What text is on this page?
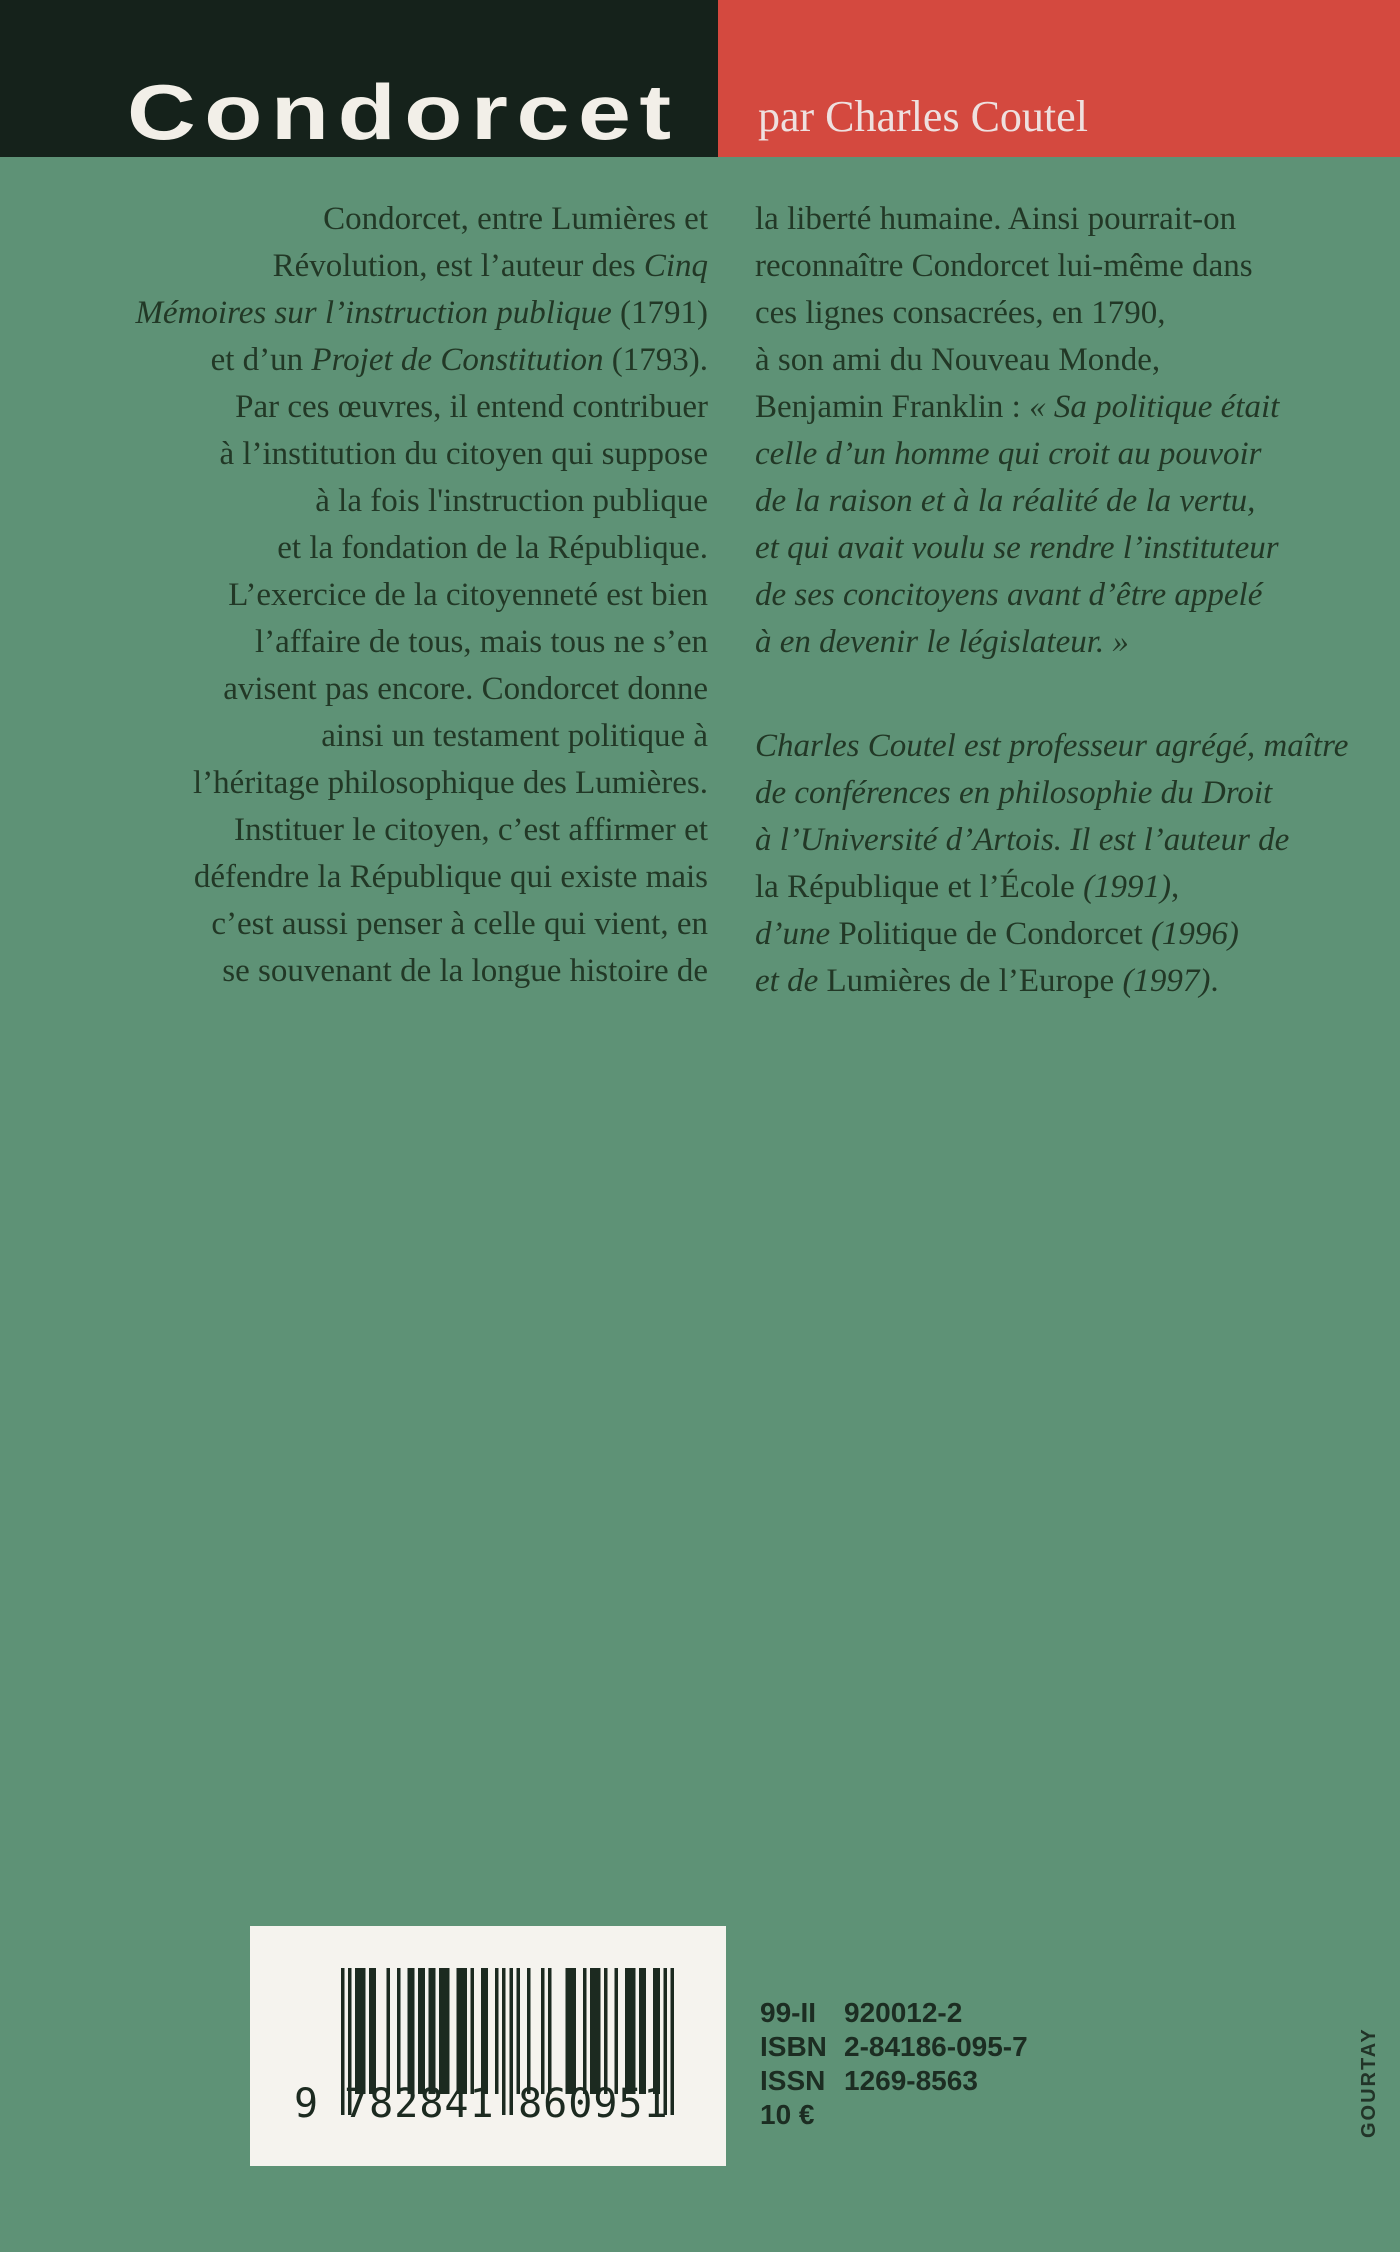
Condorcet par Charles Coutel
Condorcet, entre Lumières et
Révolution, est l’auteur des Cinq
Mémoires sur l’instruction publique (1791)
et d’un Projet de Constitution (1793).
Par ces œuvres, il entend contribuer
à l’institution du citoyen qui suppose
à la fois l'instruction publique
et la fondation de la République.
L’exercice de la citoyenneté est bien
l’affaire de tous, mais tous ne s’en
avisent pas encore. Condorcet donne
ainsi un testament politique à
l’héritage philosophique des Lumières.
Instituer le citoyen, c’est affirmer et
défendre la République qui existe mais
c’est aussi penser à celle qui vient, en
se souvenant de la longue histoire de
la liberté humaine. Ainsi pourrait-on
reconnaître Condorcet lui-même dans
ces lignes consacrées, en 1790,
à son ami du Nouveau Monde,
Benjamin Franklin : « Sa politique était
celle d’un homme qui croit au pouvoir
de la raison et à la réalité de la vertu,
et qui avait voulu se rendre l’instituteur
de ses concitoyens avant d’être appelé
à en devenir le législateur. »
Charles Coutel est professeur agrégé, maître
de conférences en philosophie du Droit
à l’Université d’Artois. Il est l’auteur de
la République et l’École (1991),
d’une Politique de Condorcet (1996)
et de Lumières de l’Europe (1997).
9 782841 860951
99-II 920012-2
ISBN 2-84186-095-7
ISSN 1269-8563
10 €	GOURTAY
